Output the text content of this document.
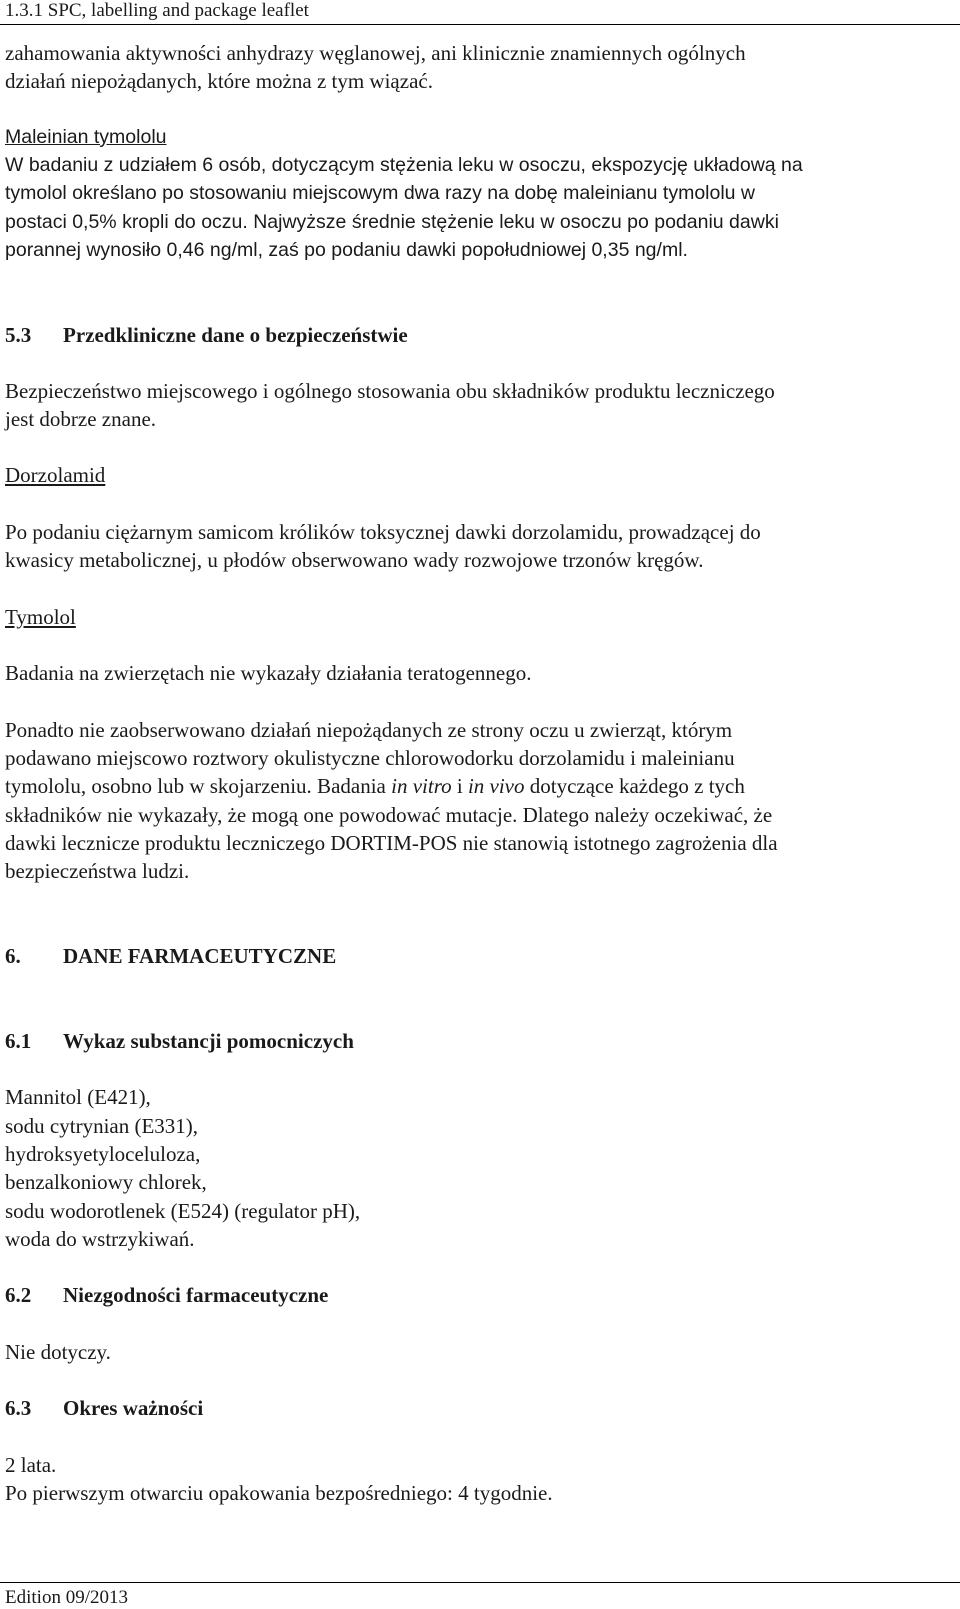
1.3.1 SPC, labelling and package leaflet
zahamowania aktywności anhydrazy węglanowej, ani klinicznie znamiennych ogólnych
działań niepożądanych, które można z tym wiązać.
Maleinian tymololu
W badaniu z udziałem 6 osób, dotyczącym stężenia leku w osoczu, ekspozycję układową na
tymolol określano po stosowaniu miejscowym dwa razy na dobę maleinianu tymololu w
postaci 0,5% kropli do oczu. Najwyższe średnie stężenie leku w osoczu po podaniu dawki
porannej wynosiło 0,46 ng/ml, zaś po podaniu dawki popołudniowej 0,35 ng/ml.
5.3 Przedkliniczne dane o bezpieczeństwie
Bezpieczeństwo miejscowego i ogólnego stosowania obu składników produktu leczniczego
jest dobrze znane.
Dorzolamid
Po podaniu ciężarnym samicom królików toksycznej dawki dorzolamidu, prowadzącej do
kwasicy metabolicznej, u płodów obserwowano wady rozwojowe trzonów kręgów.
Tymolol
Badania na zwierzętach nie wykazały działania teratogennego.
Ponadto nie zaobserwowano działań niepożądanych ze strony oczu u zwierząt, którym
podawano miejscowo roztwory okulistyczne chlorowodorku dorzolamidu i maleinianu
tymololu, osobno lub w skojarzeniu. Badania in vitro i in vivo dotyczące każdego z tych
składników nie wykazały, że mogą one powodować mutacje. Dlatego należy oczekiwać, że
dawki lecznicze produktu leczniczego DORTIM-POS nie stanowią istotnego zagrożenia dla
bezpieczeństwa ludzi.
6. DANE FARMACEUTYCZNE
6.1 Wykaz substancji pomocniczych
Mannitol (E421),
sodu cytrynian (E331),
hydroksyetyloceluloza,
benzalkoniowy chlorek,
sodu wodorotlenek (E524) (regulator pH),
woda do wstrzykiwań.
6.2 Niezgodności farmaceutyczne
Nie dotyczy.
6.3 Okres ważności
2 lata.
Po pierwszym otwarciu opakowania bezpośredniego: 4 tygodnie.
Edition 09/2013
